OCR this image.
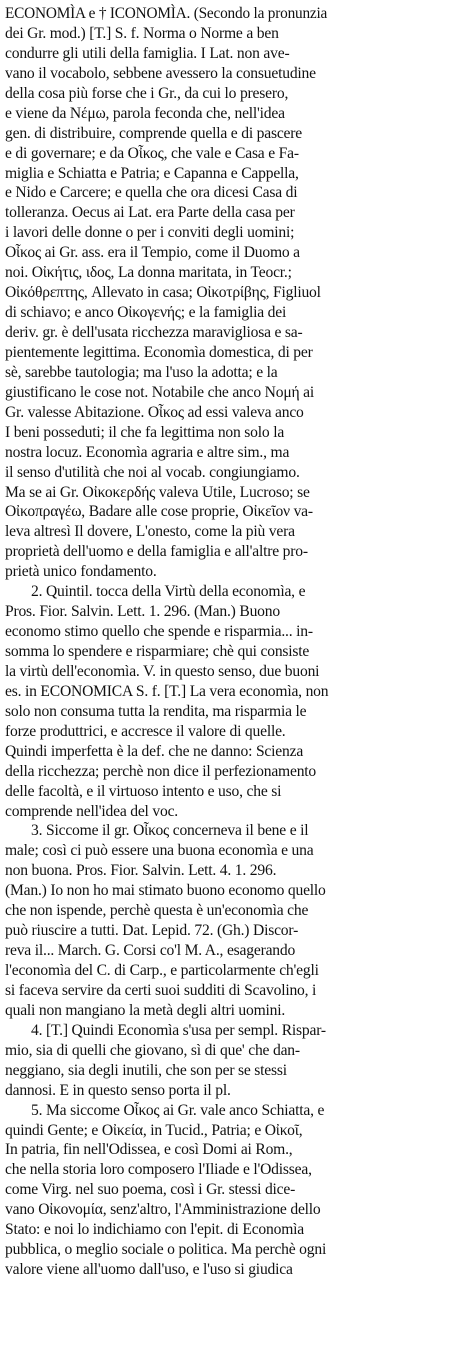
ECONOMÌA e † ICONOMÌA. (Secondo la pronunzia
dei Gr. mod.) [T.] S. f. Norma o Norme a ben
condurre gli utili della famiglia. I Lat. non ave-
vano il vocabolo, sebbene avessero la consuetudine
della cosa più forse che i Gr., da cui lo presero,
e viene da Νέμω, parola feconda che, nell'idea
gen. di distribuire, comprende quella e di pascere
e di governare; e da Οἶκος, che vale e Casa e Fa-
miglia e Schiatta e Patria; e Capanna e Cappella,
e Nido e Carcere; e quella che ora dicesi Casa di
tolleranza. Oecus ai Lat. era Parte della casa per
i lavori delle donne o per i conviti degli uomini;
Οἶκος ai Gr. ass. era il Tempio, come il Duomo a
noi. Οἰκήτις, ιδος, La donna maritata, in Teocr.;
Οἰκόθρεπτης, Allevato in casa; Οἰκοτρίβης, Figliuol
di schiavo; e anco Οἰκογενής; e la famiglia dei
deriv. gr. è dell'usata ricchezza maravigliosa e sa-
pientemente legittima. Economìa domestica, di per
sè, sarebbe tautologia; ma l'uso la adotta; e la
giustificano le cose not. Notabile che anco Νομή ai
Gr. valesse Abitazione. Οἶκος ad essi valeva anco
I beni posseduti; il che fa legittima non solo la
nostra locuz. Economìa agraria e altre sim., ma
il senso d'utilità che noi al vocab. congiungiamo.
Ma se ai Gr. Οἰκοκερδής valeva Utile, Lucroso; se
Οἰκοπραγέω, Badare alle cose proprie, Οἰκεῖον va-
leva altresì Il dovere, L'onesto, come la più vera
proprietà dell'uomo e della famiglia e all'altre pro-
prietà unico fondamento.
2. Quintil. tocca della Virtù della economìa, e
Pros. Fior. Salvin. Lett. 1. 296. (Man.) Buono
economo stimo quello che spende e risparmia... in-
somma lo spendere e risparmiare; chè qui consiste
la virtù dell'economìa. V. in questo senso, due buoni
es. in ECONOMICA S. f. [T.] La vera economìa, non
solo non consuma tutta la rendita, ma risparmia le
forze produttrici, e accresce il valore di quelle.
Quindi imperfetta è la def. che ne danno: Scienza
della ricchezza; perchè non dice il perfezionamento
delle facoltà, e il virtuoso intento e uso, che si
comprende nell'idea del voc.
3. Siccome il gr. Οἶκος concerneva il bene e il
male; così ci può essere una buona economìa e una
non buona. Pros. Fior. Salvin. Lett. 4. 1. 296.
(Man.) Io non ho mai stimato buono economo quello
che non ispende, perchè questa è un'economìa che
può riuscire a tutti. Dat. Lepid. 72. (Gh.) Discor-
reva il... March. G. Corsi co'l M. A., esagerando
l'economìa del C. di Carp., e particolarmente ch'egli
si faceva servire da certi suoi sudditi di Scavolino, i
quali non mangiano la metà degli altri uomini.
4. [T.] Quindi Economìa s'usa per sempl. Rispar-
mio, sia di quelli che giovano, sì di que' che dan-
neggiano, sia degli inutili, che son per se stessi
dannosi. E in questo senso porta il pl.
5. Ma siccome Οἶκος ai Gr. vale anco Schiatta, e
quindi Gente; e Οἰκεία, in Tucid., Patria; e Οἰκοῖ,
In patria, fin nell'Odissea, e così Domi ai Rom.,
che nella storia loro composero l'Iliade e l'Odissea,
come Virg. nel suo poema, così i Gr. stessi dice-
vano Οἰκονομία, senz'altro, l'Amministrazione dello
Stato: e noi lo indichiamo con l'epit. di Economìa
pubblica, o meglio sociale o politica. Ma perchè ogni
valore viene all'uomo dall'uso, e l'uso si giudica
